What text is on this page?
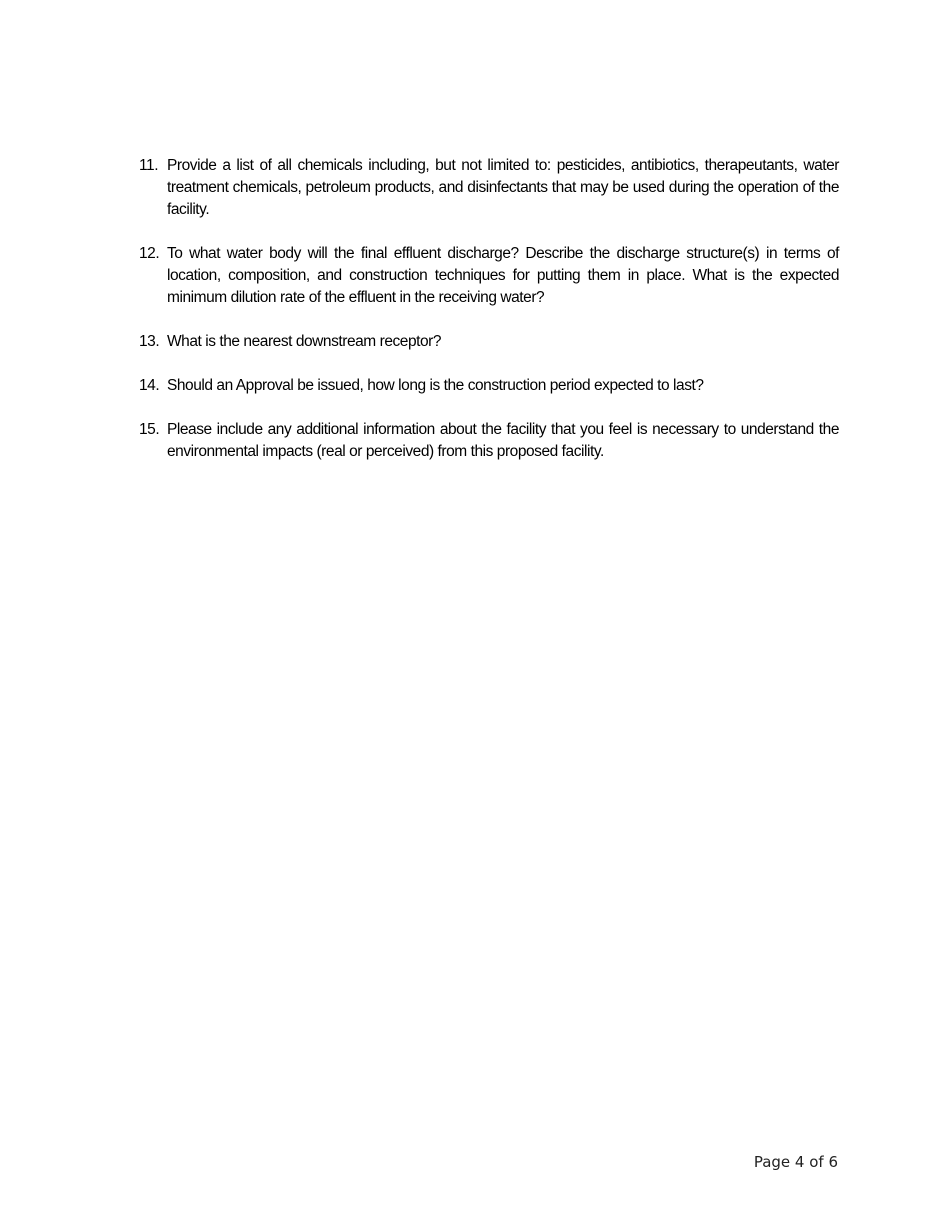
11. Provide a list of all chemicals including, but not limited to: pesticides, antibiotics, therapeutants, water treatment chemicals, petroleum products, and disinfectants that may be used during the operation of the facility.
12. To what water body will the final effluent discharge? Describe the discharge structure(s) in terms of location, composition, and construction techniques for putting them in place. What is the expected minimum dilution rate of the effluent in the receiving water?
13. What is the nearest downstream receptor?
14. Should an Approval be issued, how long is the construction period expected to last?
15. Please include any additional information about the facility that you feel is necessary to understand the environmental impacts (real or perceived) from this proposed facility.
Page 4 of 6
